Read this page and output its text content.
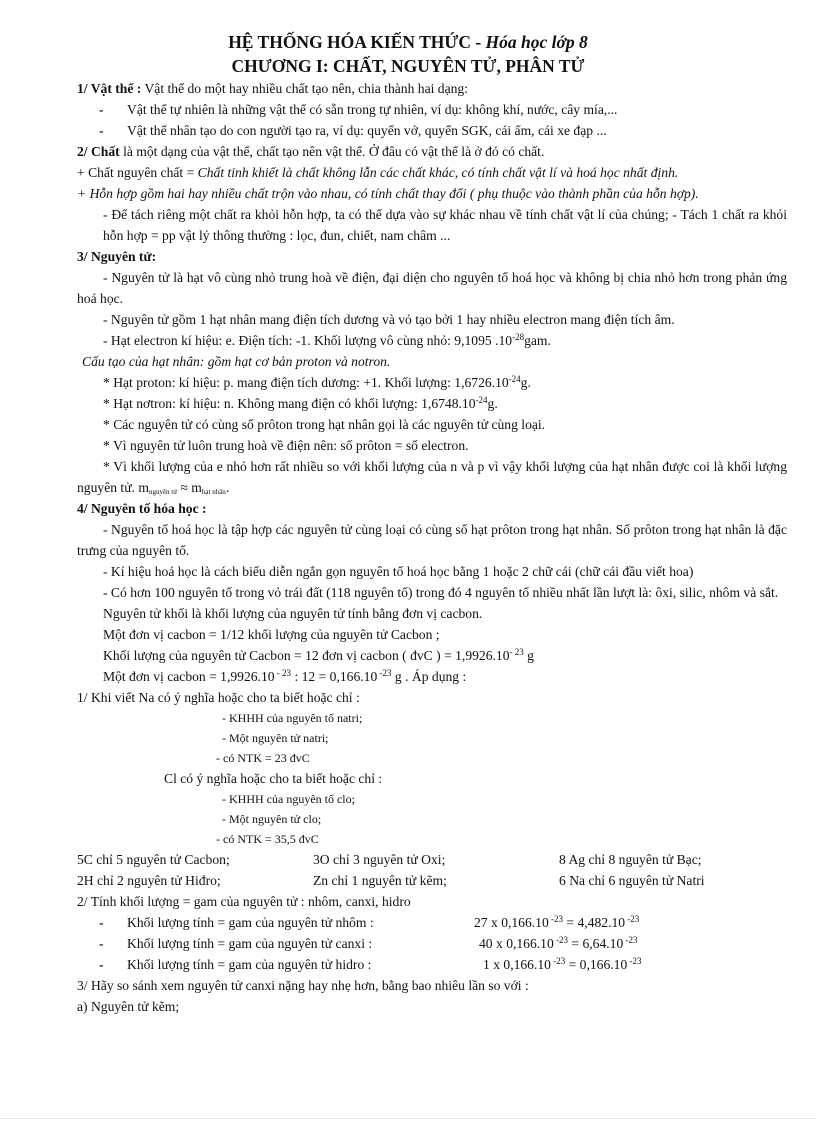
HỆ THỐNG HÓA KIẾN THỨC - Hóa học lớp 8
CHƯƠNG I: CHẤT, NGUYÊN TỬ, PHÂN TỬ
1/ Vật thể : Vật thể do một hay nhiều chất tạo nên, chia thành hai dạng:
- Vật thể tự nhiên là những vật thể có sẵn trong tự nhiên, ví dụ: không khí, nước, cây mía,...
- Vật thể nhân tạo do con người tạo ra, ví dụ: quyển vở, quyển SGK, cái ấm, cái xe đạp ...
2/ Chất là một dạng của vật thể, chất tạo nên vật thể. Ở đâu có vật thể là ở đó có chất.
+ Chất nguyên chất = Chất tinh khiết là chất không lẫn các chất khác, có tính chất vật lí và hoá học nhất định.
+ Hỗn hợp gồm hai hay nhiều chất trộn vào nhau, có tính chất thay đổi ( phụ thuộc vào thành phần của hỗn hợp).
- Để tách riêng một chất ra khỏi hỗn hợp, ta có thể dựa vào sự khác nhau về tính chất vật lí của chúng; - Tách 1 chất ra khỏi hỗn hợp = pp vật lý thông thường : lọc, đun, chiết, nam châm ...
3/ Nguyên tử:
- Nguyên tử là hạt vô cùng nhỏ trung hoà về điện, đại diện cho nguyên tố hoá học và không bị chia nhỏ hơn trong phản ứng hoá học.
- Nguyên tử gồm 1 hạt nhân mang điện tích dương và vỏ tạo bởi 1 hay nhiều electron mang điện tích âm.
- Hạt electron kí hiệu: e. Điện tích: -1. Khối lượng vô cùng nhỏ: 9,1095 $.10^{-28}gam$.
Cấu tạo của hạt nhân: gồm hạt cơ bản proton và notron.
* Hạt proton: kí hiệu: p. mang điện tích dương: +1. Khối lượng: $1,6726.10^{-24}g$.
* Hạt nơtron: kí hiệu: n. Không mang điện có khối lượng: $1,6748.10^{-24}g$.
* Các nguyên tử có cùng số prôton trong hạt nhân gọi là các nguyên tử cùng loại.
* Vì nguyên tử luôn trung hoà về điện nên: số prôton = số electron.
* Vì khối lượng của e nhỏ hơn rất nhiều so với khối lượng của n và p vì vậy khối lượng của hạt nhân được coi là khối lượng nguyên tử. $m_{nguyên tử} \approx m_{hạt nhân}$.
4/ Nguyên tố hóa học :
- Nguyên tố hoá học là tập hợp các nguyên tử cùng loại có cùng số hạt prôton trong hạt nhân. Số prôton trong hạt nhân là đặc trưng của nguyên tố.
- Kí hiệu hoá học là cách biểu diễn ngắn gọn nguyên tố hoá học bằng 1 hoặc 2 chữ cái (chữ cái đầu viết hoa)
- Có hơn 100 nguyên tố trong vỏ trái đất (118 nguyên tố) trong đó 4 nguyên tố nhiều nhất lần lượt là: ôxi, silic, nhôm và sắt.
Nguyên tử khối là khối lượng của nguyên tử tính bằng đơn vị cacbon.
Một đơn vị cacbon = 1/12 khối lượng của nguyên tử Cacbon ;
Khối lượng của nguyên tử Cacbon = 12 đơn vị cacbon ( đvC ) = $1,9926.10^{- 23}$ g
Một đơn vị cacbon = 1,9926.10 $^{- 23}$ : 12 = 0,166.10 $^{-23}$ g . Áp dụng :
1/ Khi viết Na có ý nghĩa hoặc cho ta biết hoặc chỉ :
- KHHH của nguyên tố natri;
- Một nguyên tử natri;
- có NTK = 23 đvC
Cl có ý nghĩa hoặc cho ta biết hoặc chỉ :
- KHHH của nguyên tố clo;
- Một nguyên tử clo;
- có NTK = 35,5 đvC
5C chỉ 5 nguyên tử Cacbon;	3O chỉ 3 nguyên tử Oxi;	8 Ag chỉ 8 nguyên tử Bạc;
2H chỉ 2 nguyên tử Hiđro;	Zn chỉ 1 nguyên tử kẽm;	6 Na chỉ 6 nguyên tử Natri
2/ Tính khối lượng = gam của nguyên tử : nhôm, canxi, hidro
- Khối lượng tính = gam của nguyên tử nhôm :	27 x 0,166.10 $^{-23}$ = 4,482.10 $^{-23}$
- Khối lượng tính = gam của nguyên tử canxi :	40 x 0,166.10 $^{-23}$ = 6,64.10 $^{-23}$
- Khối lượng tính = gam của nguyên tử hidro :	1 x 0,166.10 $^{-23}$ = 0,166.10 $^{-23}$
3/ Hãy so sánh xem nguyên tử canxi nặng hay nhẹ hơn, bằng bao nhiêu lần so với :
a) Nguyên tử kẽm;
